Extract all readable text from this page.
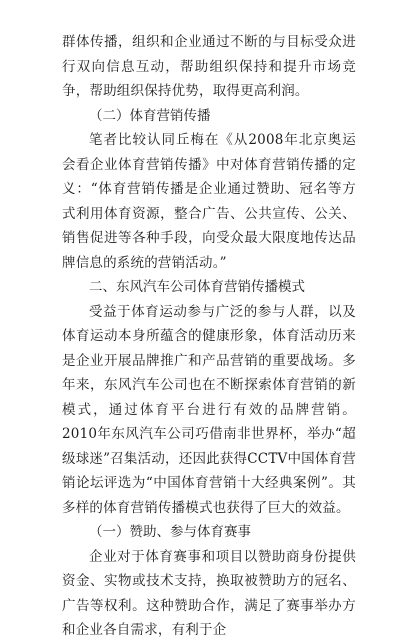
群体传播，组织和企业通过不断的与目标受众进行双向信息互动，帮助组织保持和提升市场竞争，帮助组织保持优势，取得更高利润。

（二）体育营销传播

笔者比较认同丘梅在《从2008年北京奥运会看企业体育营销传播》中对体育营销传播的定义：“体育营销传播是企业通过赞助、冠名等方式利用体育资源，整合广告、公共宣传、公关、销售促进等各种手段，向受众最大限度地传达品牌信息的系统的营销活动。”

二、东风汽车公司体育营销传播模式

受益于体育运动参与广泛的参与人群，以及体育运动本身所蕴含的健康形象，体育活动历来是企业开展品牌推广和产品营销的重要战场。多年来，东风汽车公司也在不断探索体育营销的新模式，通过体育平台进行有效的品牌营销。2010年东风汽车公司巧借南非世界杯，举办“超级球迷”召集活动，还因此获得CCTV中国体育营销论坛评选为“中国体育营销十大经典案例”。其多样的体育营销传播模式也获得了巨大的效益。

（一）赞助、参与体育赛事

企业对于体育赛事和项目以赞助商身份提供资金、实物或技术支持，换取被赞助方的冠名、广告等权利。这种赞助合作，满足了赛事举办方和企业各自需求，有利于企
